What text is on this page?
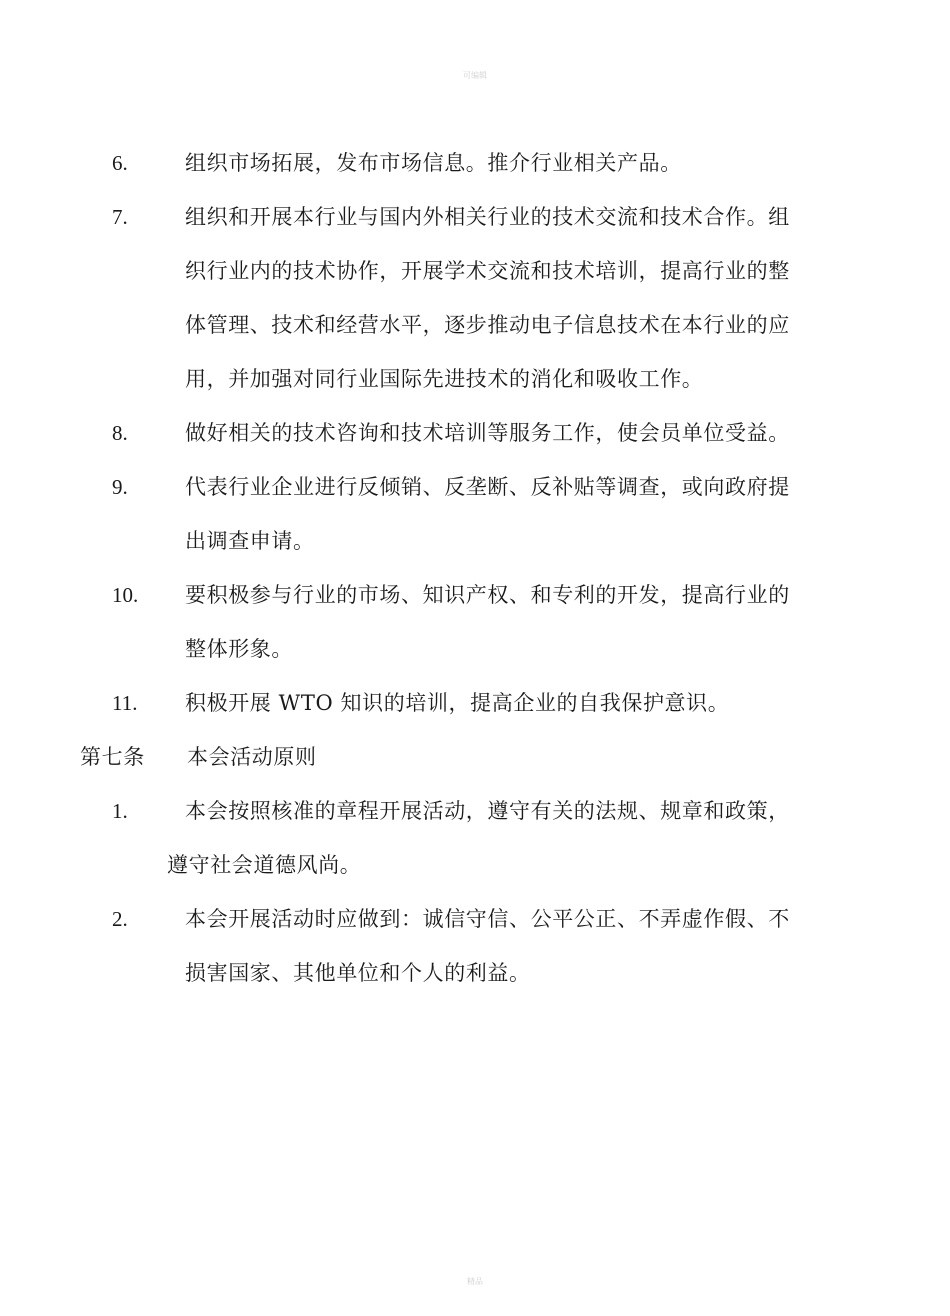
可编辑
6.	组织市场拓展，发布市场信息。推介行业相关产品。
7.	组织和开展本行业与国内外相关行业的技术交流和技术合作。组
织行业内的技术协作，开展学术交流和技术培训，提高行业的整
体管理、技术和经营水平，逐步推动电子信息技术在本行业的应
用，并加强对同行业国际先进技术的消化和吸收工作。
8.	做好相关的技术咨询和技术培训等服务工作，使会员单位受益。
9.	代表行业企业进行反倾销、反垄断、反补贴等调查，或向政府提
出调查申请。
10. 要积极参与行业的市场、知识产权、和专利的开发，提高行业的
整体形象。
11. 积极开展 WTO 知识的培训，提高企业的自我保护意识。
第七条 本会活动原则
1.	本会按照核准的章程开展活动，遵守有关的法规、规章和政策，
遵守社会道德风尚。
2.	本会开展活动时应做到：诚信守信、公平公正、不弄虚作假、不
损害国家、其他单位和个人的利益。
精品
